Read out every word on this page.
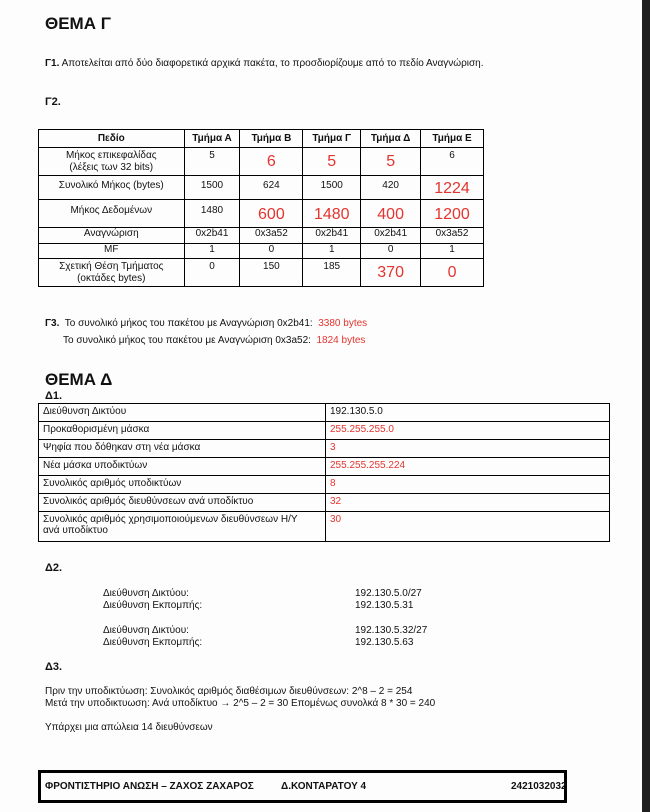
ΘΕΜΑ Γ
Γ1. Αποτελείται από δύο διαφορετικά αρχικά πακέτα, το προσδιορίζουμε από το πεδίο Αναγνώριση.
Γ2.
Πεδίο	Τμήμα Α	Τμήμα Β	Τμήμα Γ	Τμήμα Δ	Τμήμα Ε
Μήκος επικεφαλίδας
(λέξεις των 32 bits)	5	6	5	5	6
Συνολικό Μήκος (bytes)	1500	624	1500	420	1224
Μήκος Δεδομένων	1480	600	1480	400	1200
Αναγνώριση	0x2b41	0x3a52	0x2b41	0x2b41	0x3a52
MF	1	0	1	0	1
Σχετική Θέση Τμήματος
(οκτάδες bytes)	0	150	185	370	0
Γ3. Το συνολικό μήκος του πακέτου με Αναγνώριση 0x2b41: 3380 bytes
Το συνολικό μήκος του πακέτου με Αναγνώριση 0x3a52: 1824 bytes
ΘΕΜΑ Δ
Δ1.
Διεύθυνση Δικτύου	192.130.5.0
Προκαθορισμένη μάσκα	255.255.255.0
Ψηφία που δόθηκαν στη νέα μάσκα	3
Νέα μάσκα υποδικτύων	255.255.255.224
Συνολικός αριθμός υποδικτύων	8
Συνολικός αριθμός διευθύνσεων ανά υποδίκτυο	32
Συνολικός αριθμός χρησιμοποιούμενων διευθύνσεων Η/Υ
ανά υποδίκτυο	30
Δ2.
Διεύθυνση Δικτύου:	192.130.5.0/27
Διεύθυνση Εκπομπής:	192.130.5.31
Διεύθυνση Δικτύου:	192.130.5.32/27
Διεύθυνση Εκπομπής:	192.130.5.63
Δ3.
Πριν την υποδικτύωση: Συνολικός αριθμός διαθέσιμων διευθύνσεων: 2^8 – 2 = 254
Μετά την υποδικτυωση: Ανά υποδίκτυο → 2^5 – 2 = 30 Επομένως συνολκά 8 * 30 = 240
Υπάρχει μια απώλεια 14 διευθύνσεων
ΦΡΟΝΤΙΣΤΗΡΙΟ ΑΝΩΣΗ – ΖΑΧΟΣ ΖΑΧΑΡΟΣ	Δ.ΚΟΝΤΑΡΑΤΟΥ 4	2421032032
